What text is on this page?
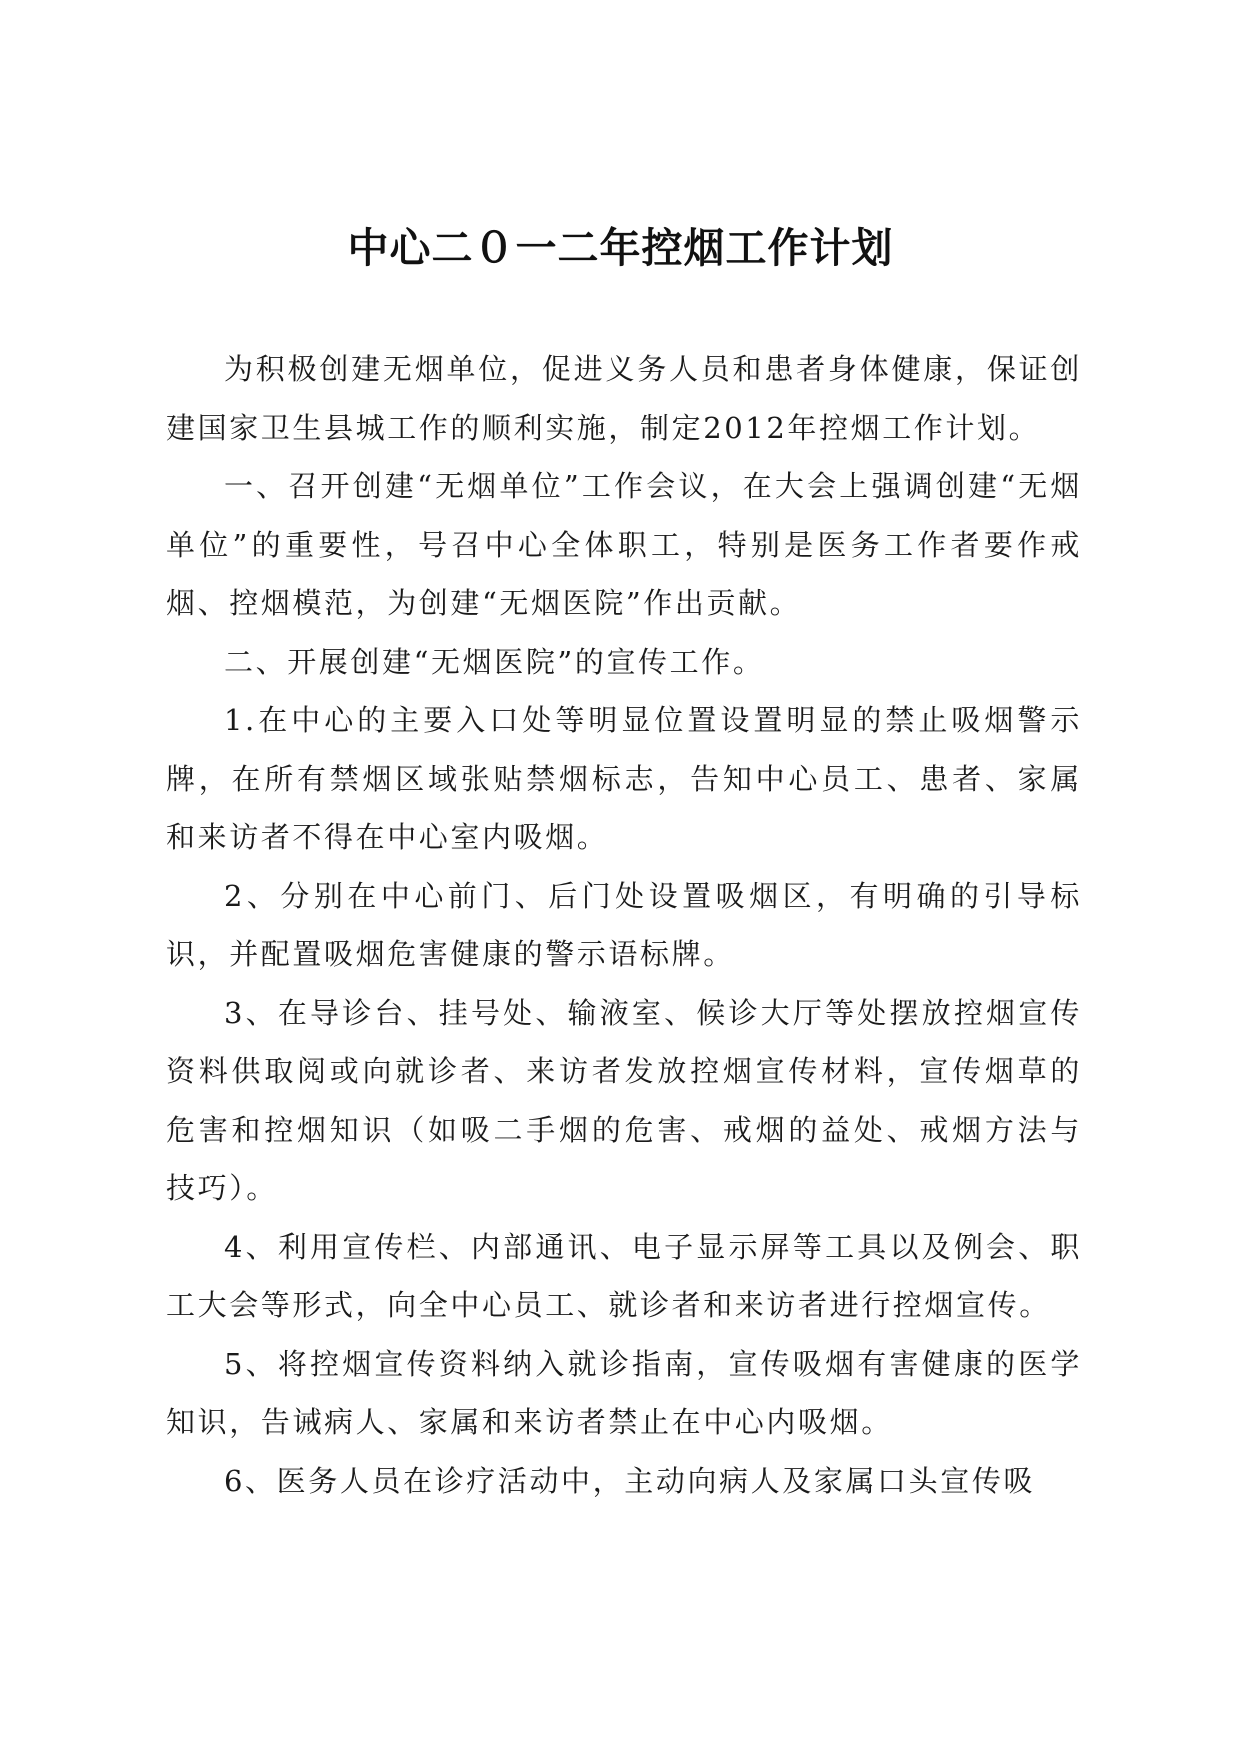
中心二０一二年控烟工作计划

为积极创建无烟单位，促进义务人员和患者身体健康，保证创建国家卫生县城工作的顺利实施，制定2012年控烟工作计划。

一、召开创建“无烟单位”工作会议，在大会上强调创建“无烟单位”的重要性，号召中心全体职工，特别是医务工作者要作戒烟、控烟模范，为创建“无烟医院”作出贡献。

二、开展创建“无烟医院”的宣传工作。

1.在中心的主要入口处等明显位置设置明显的禁止吸烟警示牌，在所有禁烟区域张贴禁烟标志，告知中心员工、患者、家属和来访者不得在中心室内吸烟。

2、分别在中心前门、后门处设置吸烟区，有明确的引导标识，并配置吸烟危害健康的警示语标牌。

3、在导诊台、挂号处、输液室、候诊大厅等处摆放控烟宣传资料供取阅或向就诊者、来访者发放控烟宣传材料，宣传烟草的危害和控烟知识（如吸二手烟的危害、戒烟的益处、戒烟方法与技巧）。

4、利用宣传栏、内部通讯、电子显示屏等工具以及例会、职工大会等形式，向全中心员工、就诊者和来访者进行控烟宣传。

5、将控烟宣传资料纳入就诊指南，宣传吸烟有害健康的医学知识，告诫病人、家属和来访者禁止在中心内吸烟。

6、医务人员在诊疗活动中，主动向病人及家属口头宣传吸
